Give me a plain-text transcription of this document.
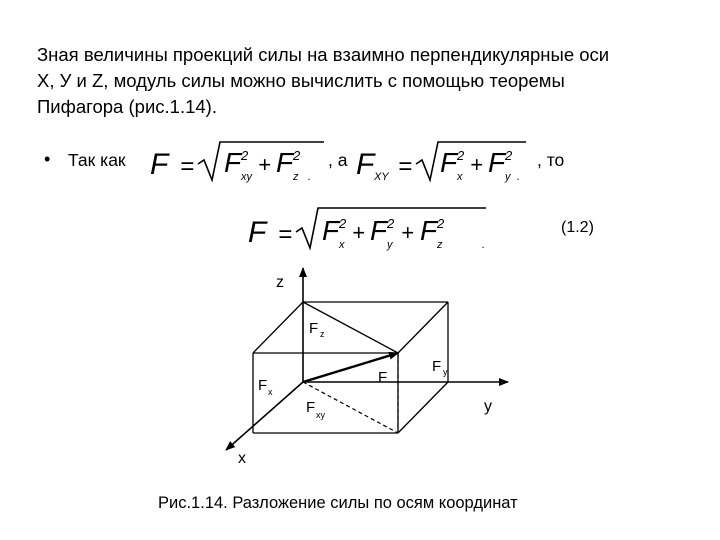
Зная величины проекций силы на взаимно перпендикулярные оси
X, У и Z, модуль силы можно вычислить с помощью теоремы
Пифагора (рис.1.14).
• Так как F = F 2
xy + F 2
z .
, а F XY = F 2
x + F 2
y .
, то
F = F 2
x + F 2
y + F 2
z	.
(1.2)
z
y
x
F
F z
F y
F x
F xy
Рис.1.14. Разложение силы по осям координат
